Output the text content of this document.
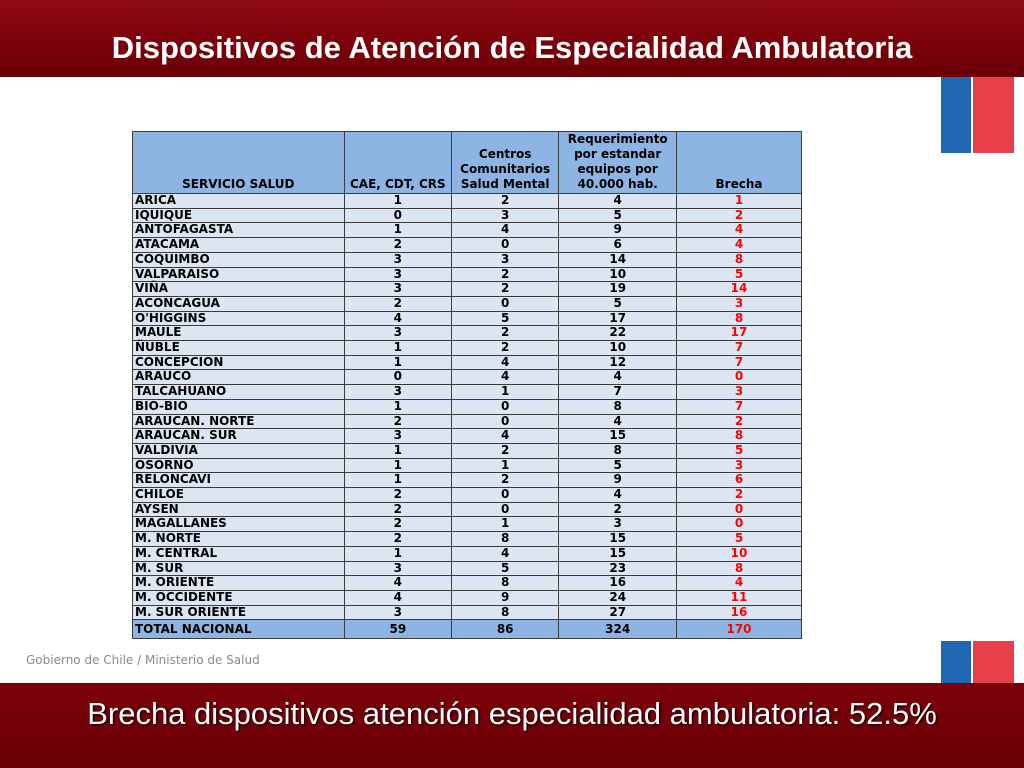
Dispositivos de Atención de Especialidad Ambulatoria
SERVICIO SALUD	CAE, CDT, CRS	Centros Comunitarios Salud Mental	Requerimiento por estandar equipos por 40.000 hab.	Brecha
ARICA	1	2	4	1
IQUIQUE	0	3	5	2
ANTOFAGASTA	1	4	9	4
ATACAMA	2	0	6	4
COQUIMBO	3	3	14	8
VALPARAISO	3	2	10	5
VIÑA	3	2	19	14
ACONCAGUA	2	0	5	3
O'HIGGINS	4	5	17	8
MAULE	3	2	22	17
ÑUBLE	1	2	10	7
CONCEPCION	1	4	12	7
ARAUCO	0	4	4	0
TALCAHUANO	3	1	7	3
BIO-BIO	1	0	8	7
ARAUCAN. NORTE	2	0	4	2
ARAUCAN. SUR	3	4	15	8
VALDIVIA	1	2	8	5
OSORNO	1	1	5	3
RELONCAVI	1	2	9	6
CHILOE	2	0	4	2
AYSEN	2	0	2	0
MAGALLANES	2	1	3	0
M. NORTE	2	8	15	5
M. CENTRAL	1	4	15	10
M. SUR	3	5	23	8
M. ORIENTE	4	8	16	4
M. OCCIDENTE	4	9	24	11
M. SUR ORIENTE	3	8	27	16
TOTAL NACIONAL	59	86	324	170
Gobierno de Chile / Ministerio de Salud
Brecha dispositivos atención especialidad ambulatoria: 52.5%
